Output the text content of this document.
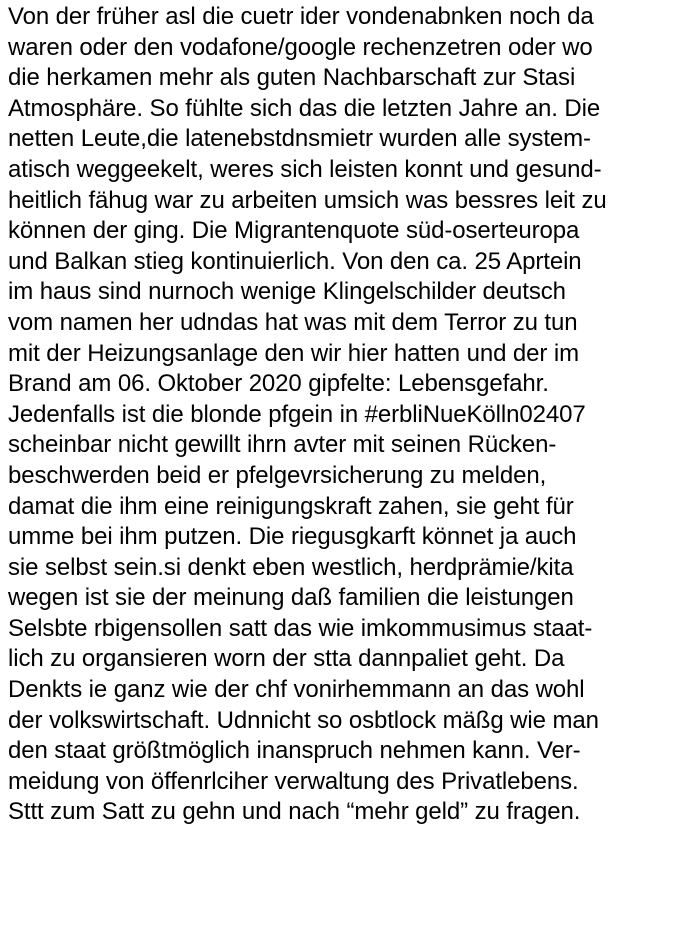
Von der früher asl die cuetr ider vondenabnken noch da
waren oder den vodafone/google rechenzetren oder wo
die herkamen mehr als guten Nachbarschaft zur Stasi
Atmosphäre. So fühlte sich das die letzten Jahre an. Die
netten Leute,die latenebstdnsmietr wurden alle system-
atisch weggeekelt, weres sich leisten konnt und gesund-
heitlich fähug war zu arbeiten umsich was bessres leit zu
können der ging. Die Migrantenquote süd-oserteuropa
und Balkan stieg kontinuierlich. Von den ca. 25 Aprtein
im haus sind nurnoch wenige Klingelschilder deutsch
vom namen her udndas hat was mit dem Terror zu tun
mit der Heizungsanlage den wir hier hatten und der im
Brand am 06. Oktober 2020 gipfelte: Lebensgefahr.
Jedenfalls ist die blonde pfgein in #erbliNueKölln02407
scheinbar nicht gewillt ihrn avter mit seinen Rücken-
beschwerden beid er pfelgevrsicherung zu melden,
damat die ihm eine reinigungskraft zahen, sie geht für
umme bei ihm putzen. Die riegusgkarft könnet ja auch
sie selbst sein.si denkt eben westlich, herdprämie/kita
wegen ist sie der meinung daß familien die leistungen
Selsbte rbigensollen satt das wie imkommusimus staat-
lich zu organsieren worn der stta dannpaliet geht. Da
Denkts ie ganz wie der chf vonirhemmann an das wohl
der volkswirtschaft. Udnnicht so osbtlock mäßg wie man
den staat größtmöglich inanspruch nehmen kann. Ver-
meidung von öffenrlciher verwaltung des Privatlebens.
Sttt zum Satt zu gehn und nach “mehr geld” zu fragen.
